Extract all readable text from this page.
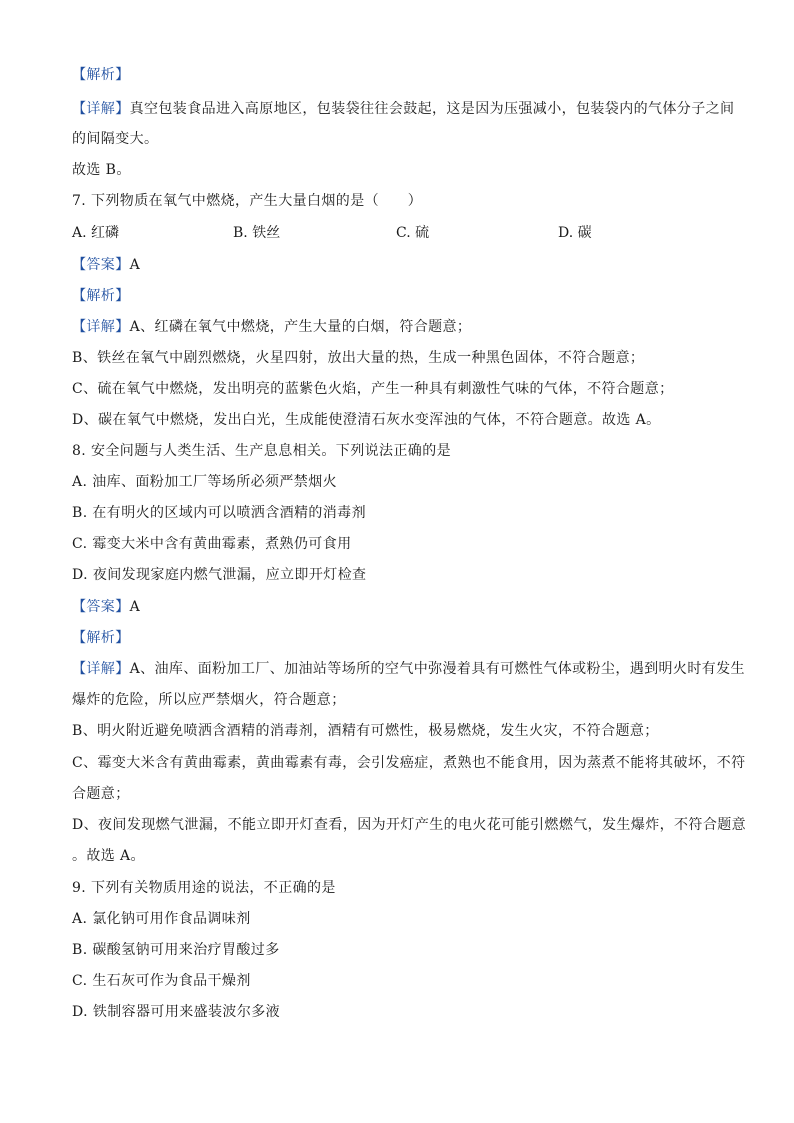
【解析】
【详解】真空包装食品进入高原地区，包装袋往往会鼓起，这是因为压强减小，包装袋内的气体分子之间
的间隔变大。
故选 B。
7. 下列物质在氧气中燃烧，产生大量白烟的是（　　）
A. 红磷	B. 铁丝	C. 硫	D. 碳
【答案】A
【解析】
【详解】A、红磷在氧气中燃烧，产生大量的白烟，符合题意；
B、铁丝在氧气中剧烈燃烧，火星四射，放出大量的热，生成一种黑色固体，不符合题意；
C、硫在氧气中燃烧，发出明亮的蓝紫色火焰，产生一种具有刺激性气味的气体，不符合题意；
D、碳在氧气中燃烧，发出白光，生成能使澄清石灰水变浑浊的气体，不符合题意。故选 A。
8. 安全问题与人类生活、生产息息相关。下列说法正确的是
A. 油库、面粉加工厂等场所必须严禁烟火
B. 在有明火的区域内可以喷洒含酒精的消毒剂
C. 霉变大米中含有黄曲霉素，煮熟仍可食用
D. 夜间发现家庭内燃气泄漏，应立即开灯检查
【答案】A
【解析】
【详解】A、油库、面粉加工厂、加油站等场所的空气中弥漫着具有可燃性气体或粉尘，遇到明火时有发生
爆炸的危险，所以应严禁烟火，符合题意；
B、明火附近避免喷洒含酒精的消毒剂，酒精有可燃性，极易燃烧，发生火灾，不符合题意；
C、霉变大米含有黄曲霉素，黄曲霉素有毒，会引发癌症，煮熟也不能食用，因为蒸煮不能将其破坏，不符
合题意；
D、夜间发现燃气泄漏，不能立即开灯查看，因为开灯产生的电火花可能引燃燃气，发生爆炸，不符合题意
。故选 A。
9. 下列有关物质用途的说法，不正确的是
A. 氯化钠可用作食品调味剂
B. 碳酸氢钠可用来治疗胃酸过多
C. 生石灰可作为食品干燥剂
D. 铁制容器可用来盛装波尔多液
